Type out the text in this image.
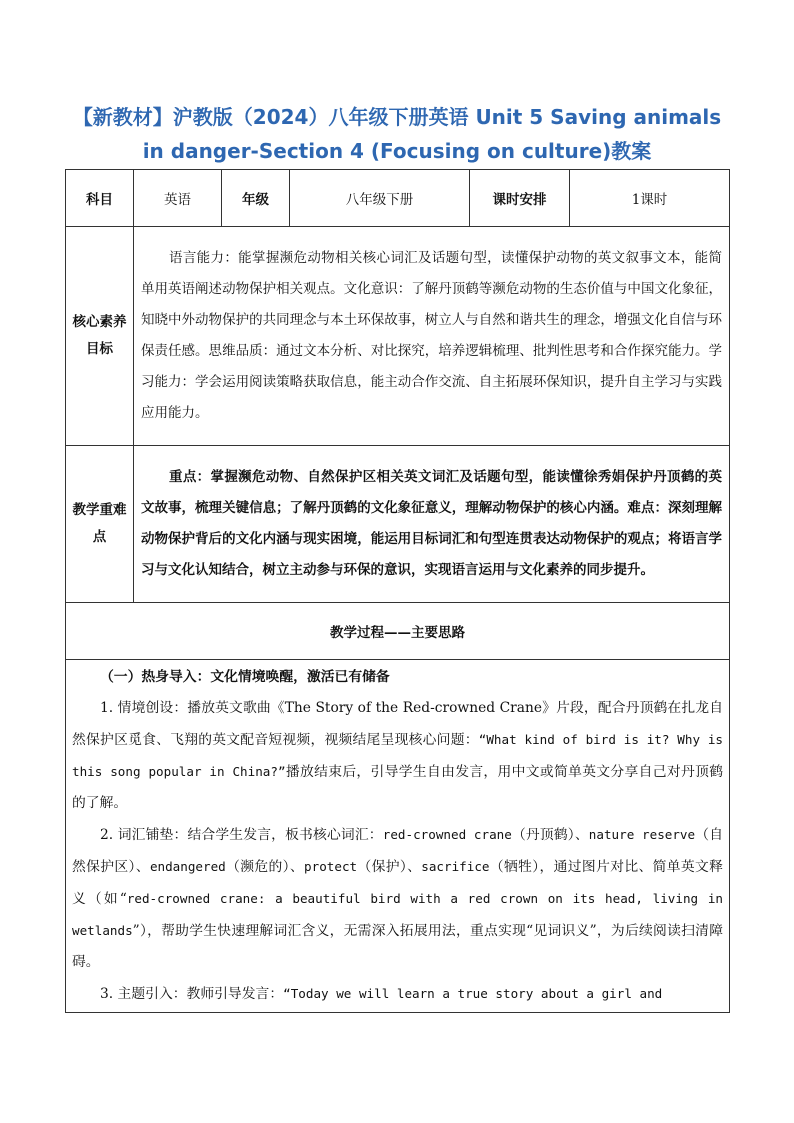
【新教材】沪教版（2024）八年级下册英语 Unit 5 Saving animals in danger-Section 4 (Focusing on culture)教案
科目	英语	年级	八年级下册	课时安排	1课时
核心素养目标	语言能力：能掌握濒危动物相关核心词汇及话题句型，读懂保护动物的英文叙事文本，能简单用英语阐述动物保护相关观点。文化意识：了解丹顶鹤等濒危动物的生态价值与中国文化象征，知晓中外动物保护的共同理念与本土环保故事，树立人与自然和谐共生的理念，增强文化自信与环保责任感。思维品质：通过文本分析、对比探究，培养逻辑梳理、批判性思考和合作探究能力。学习能力：学会运用阅读策略获取信息，能主动合作交流、自主拓展环保知识，提升自主学习与实践应用能力。				
教学重难点	重点：掌握濒危动物、自然保护区相关英文词汇及话题句型，能读懂徐秀娟保护丹顶鹤的英文故事，梳理关键信息；了解丹顶鹤的文化象征意义，理解动物保护的核心内涵。难点：深刻理解动物保护背后的文化内涵与现实困境，能运用目标词汇和句型连贯表达动物保护的观点；将语言学习与文化认知结合，树立主动参与环保的意识，实现语言运用与文化素养的同步提升。				
教学过程——主要思路					

（一）热身导入：文化情境唤醒，激活已有储备

1. 情境创设：播放英文歌曲《The Story of the Red-crowned Crane》片段，配合丹顶鹤在扎龙自然保护区觅食、飞翔的英文配音短视频，视频结尾呈现核心问题：“What kind of bird is it? Why is this song popular in China?”播放结束后，引导学生自由发言，用中文或简单英文分享自己对丹顶鹤的了解。

2. 词汇铺垫：结合学生发言，板书核心词汇：red-crowned crane（丹顶鹤）、nature reserve（自然保护区）、endangered（濒危的）、protect（保护）、sacrifice（牺牲），通过图片对比、简单英文释义（如“red-crowned crane: a beautiful bird with a red crown on its head, living in wetlands”），帮助学生快速理解词汇含义，无需深入拓展用法，重点实现“见词识义”，为后续阅读扫清障碍。

3. 主题引入：教师引导发言：“Today we will learn a true story about a girl and					
